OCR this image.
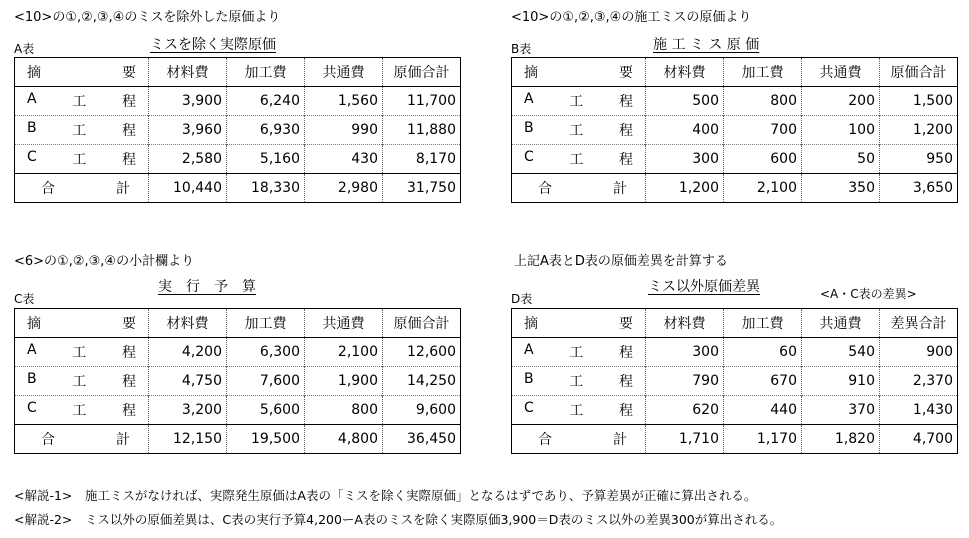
<10>の①,②,③,④のミスを除外した原価より
A表	ミスを除く実際原価
摘 要	材料費	加工費	共通費	原価合計

A 工 程	3,900	6,240	1,560	11,700

B 工 程	3,960	6,930	990	11,880

C 工 程	2,580	5,160	430	8,170

合 計	10,440	18,330	2,980	31,750
<10>の①,②,③,④の施工ミスの原価より
B表	施 工 ミ ス 原 価
摘 要	材料費	加工費	共通費	原価合計

A 工 程	500	800	200	1,500

B 工 程	400	700	100	1,200

C 工 程	300	600	50	950

合 計	1,200	2,100	350	3,650
<6>の①,②,③,④の小計欄より
C表
実　行　予　算
摘 要	材料費	加工費	共通費	原価合計

A 工 程	4,200	6,300	2,100	12,600

B 工 程	4,750	7,600	1,900	14,250

C 工 程	3,200	5,600	800	9,600

合 計	12,150	19,500	4,800	36,450
上記A表とD表の原価差異を計算する
D表
ミス以外原価差異	<A・C表の差異>
摘 要	材料費	加工費	共通費	差異合計

A 工 程	300	60	540	900

B 工 程	790	670	910	2,370

C 工 程	620	440	370	1,430

合 計	1,710	1,170	1,820	4,700
<解説-1>　施工ミスがなければ、実際発生原価はA表の「ミスを除く実際原価」となるはずであり、予算差異が正確に算出される。
<解説-2>　ミス以外の原価差異は、C表の実行予算4,200ーA表のミスを除く実際原価3,900＝D表のミス以外の差異300が算出される。
